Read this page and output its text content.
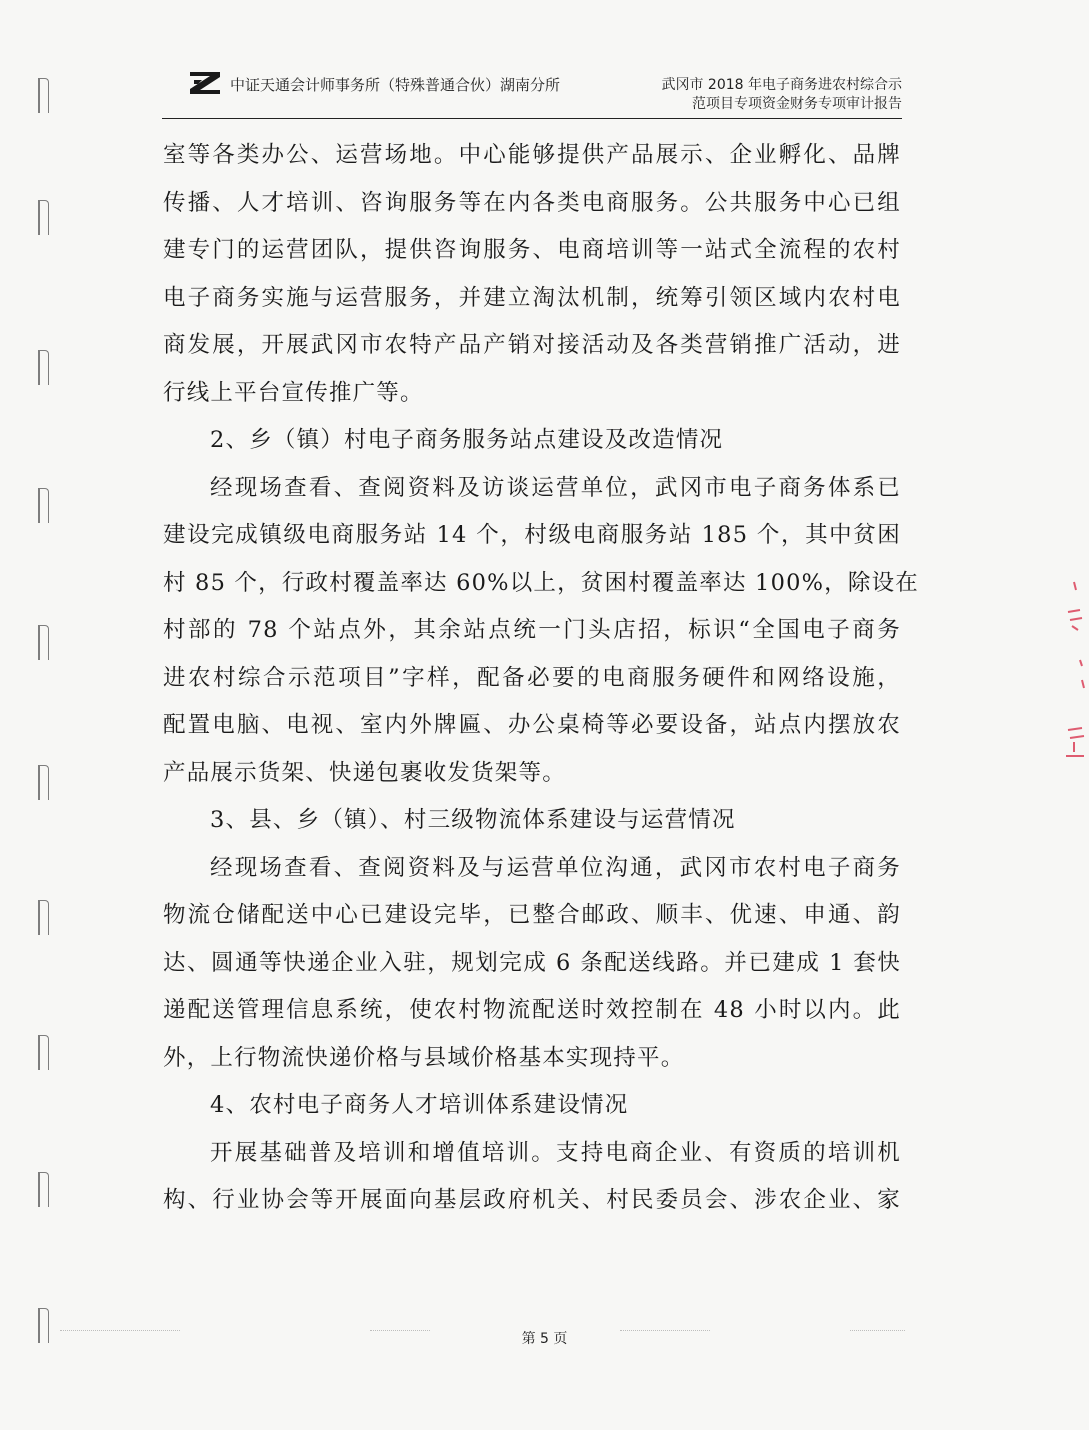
中证天通会计师事务所（特殊普通合伙）湖南分所	武冈市 2018 年电子商务进农村综合示
范项目专项资金财务专项审计报告
室等各类办公、运营场地。中心能够提供产品展示、企业孵化、品牌
传播、人才培训、咨询服务等在内各类电商服务。公共服务中心已组
建专门的运营团队，提供咨询服务、电商培训等一站式全流程的农村
电子商务实施与运营服务，并建立淘汰机制，统筹引领区域内农村电
商发展，开展武冈市农特产品产销对接活动及各类营销推广活动，进
行线上平台宣传推广等。
2、乡（镇）村电子商务服务站点建设及改造情况
经现场查看、查阅资料及访谈运营单位，武冈市电子商务体系已
建设完成镇级电商服务站 14 个，村级电商服务站 185 个，其中贫困
村 85 个，行政村覆盖率达 60%以上，贫困村覆盖率达 100%，除设在
村部的 78 个站点外，其余站点统一门头店招，标识“全国电子商务
进农村综合示范项目”字样，配备必要的电商服务硬件和网络设施，
配置电脑、电视、室内外牌匾、办公桌椅等必要设备，站点内摆放农
产品展示货架、快递包裹收发货架等。
3、县、乡（镇）、村三级物流体系建设与运营情况
经现场查看、查阅资料及与运营单位沟通，武冈市农村电子商务
物流仓储配送中心已建设完毕，已整合邮政、顺丰、优速、申通、韵
达、圆通等快递企业入驻，规划完成 6 条配送线路。并已建成 1 套快
递配送管理信息系统，使农村物流配送时效控制在 48 小时以内。此
外，上行物流快递价格与县域价格基本实现持平。
4、农村电子商务人才培训体系建设情况
开展基础普及培训和增值培训。支持电商企业、有资质的培训机
构、行业协会等开展面向基层政府机关、村民委员会、涉农企业、家
第 5 页
